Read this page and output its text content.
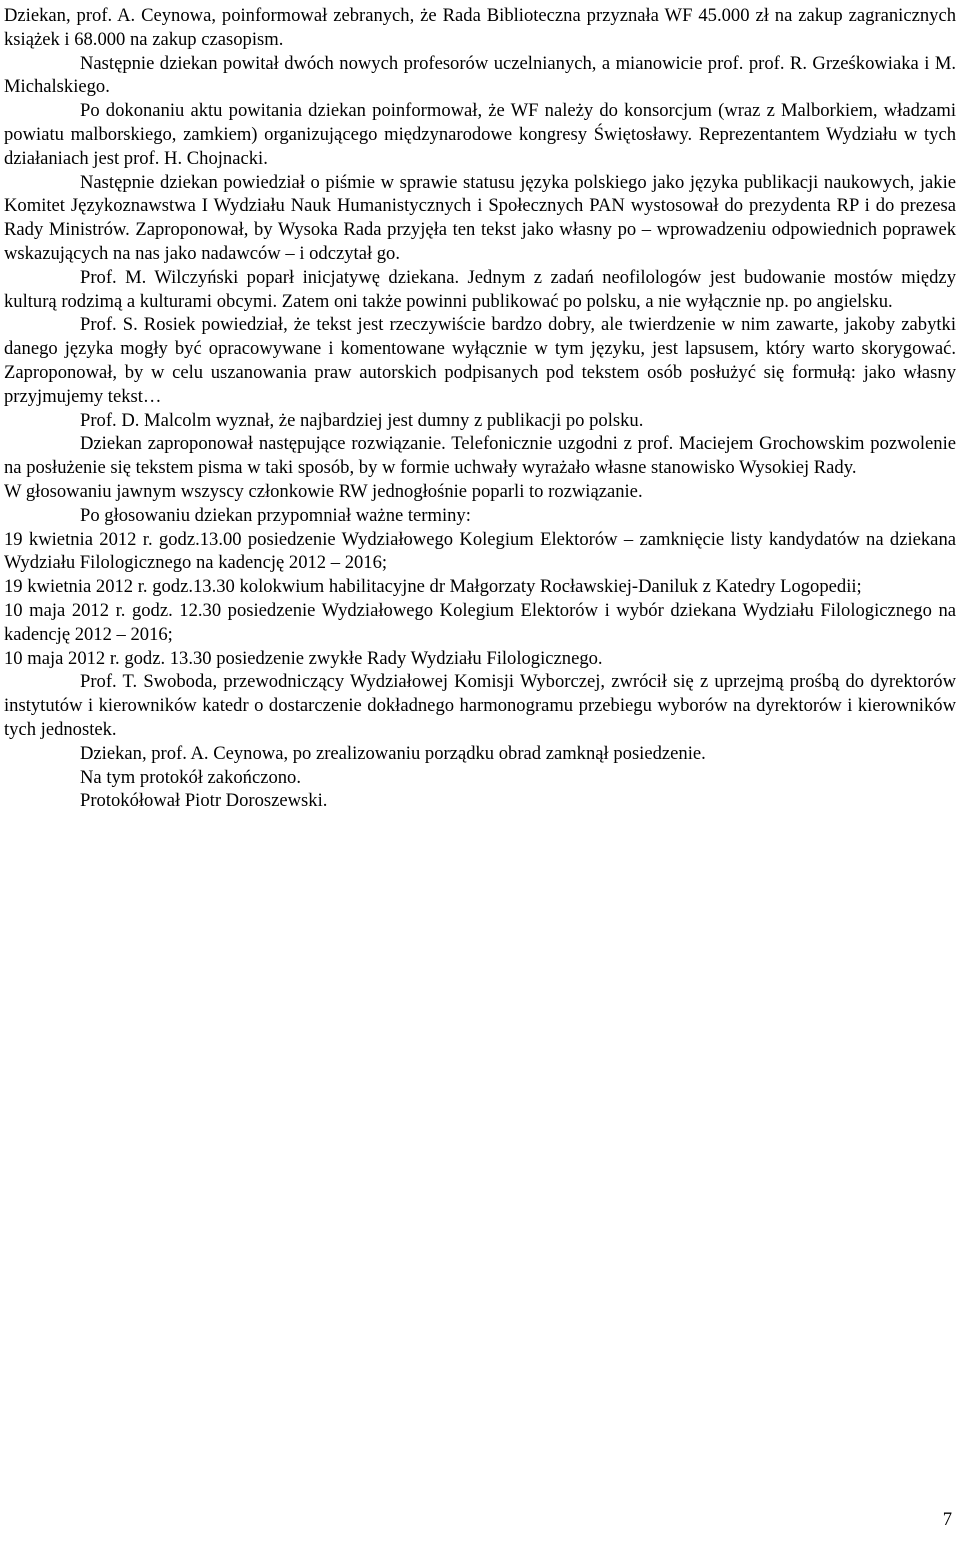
Dziekan, prof. A. Ceynowa, poinformował zebranych, że Rada Biblioteczna przyznała WF 45.000 zł na zakup zagranicznych książek i 68.000 na zakup czasopism.

Następnie dziekan powitał dwóch nowych profesorów uczelnianych, a mianowicie prof. prof. R. Grześkowiaka i M. Michalskiego.

Po dokonaniu aktu powitania dziekan poinformował, że WF należy do konsorcjum (wraz z Malborkiem, władzami powiatu malborskiego, zamkiem) organizującego międzynarodowe kongresy Świętosławy. Reprezentantem Wydziału w tych działaniach jest prof. H. Chojnacki.

Następnie dziekan powiedział o piśmie w sprawie statusu języka polskiego jako języka publikacji naukowych, jakie Komitet Językoznawstwa I Wydziału Nauk Humanistycznych i Społecznych PAN wystosował do prezydenta RP i do prezesa Rady Ministrów. Zaproponował, by Wysoka Rada przyjęła ten tekst jako własny po – wprowadzeniu odpowiednich poprawek wskazujących na nas jako nadawców – i odczytał go.

Prof. M. Wilczyński poparł inicjatywę dziekana. Jednym z zadań neofilologów jest budowanie mostów między kulturą rodzimą a kulturami obcymi. Zatem oni także powinni publikować po polsku, a nie wyłącznie np. po angielsku.

Prof. S. Rosiek powiedział, że tekst jest rzeczywiście bardzo dobry, ale twierdzenie w nim zawarte, jakoby zabytki danego języka mogły być opracowywane i komentowane wyłącznie w tym języku, jest lapsusem, który warto skorygować. Zaproponował, by w celu uszanowania praw autorskich podpisanych pod tekstem osób posłużyć się formułą: jako własny przyjmujemy tekst…

Prof. D. Malcolm wyznał, że najbardziej jest dumny z publikacji po polsku.

Dziekan zaproponował następujące rozwiązanie. Telefonicznie uzgodni z prof. Maciejem Grochowskim pozwolenie na posłużenie się tekstem pisma w taki sposób, by w formie uchwały wyrażało własne stanowisko Wysokiej Rady.

W głosowaniu jawnym wszyscy członkowie RW jednogłośnie poparli to rozwiązanie.

Po głosowaniu dziekan przypomniał ważne terminy:

19 kwietnia 2012 r. godz.13.00 posiedzenie Wydziałowego Kolegium Elektorów – zamknięcie listy kandydatów na dziekana Wydziału Filologicznego na kadencję 2012 – 2016;

19 kwietnia 2012 r. godz.13.30 kolokwium habilitacyjne dr Małgorzaty Rocławskiej-Daniluk z Katedry Logopedii;

10 maja 2012 r. godz. 12.30 posiedzenie Wydziałowego Kolegium Elektorów i wybór dziekana Wydziału Filologicznego na kadencję 2012 – 2016;

10 maja 2012 r. godz. 13.30 posiedzenie zwykłe Rady Wydziału Filologicznego.

Prof. T. Swoboda, przewodniczący Wydziałowej Komisji Wyborczej, zwrócił się z uprzejmą prośbą do dyrektorów instytutów i kierowników katedr o dostarczenie dokładnego harmonogramu przebiegu wyborów na dyrektorów i kierowników tych jednostek.

Dziekan, prof. A. Ceynowa, po zrealizowaniu porządku obrad zamknął posiedzenie.

Na tym protokół zakończono.

Protokółował Piotr Doroszewski.

7
